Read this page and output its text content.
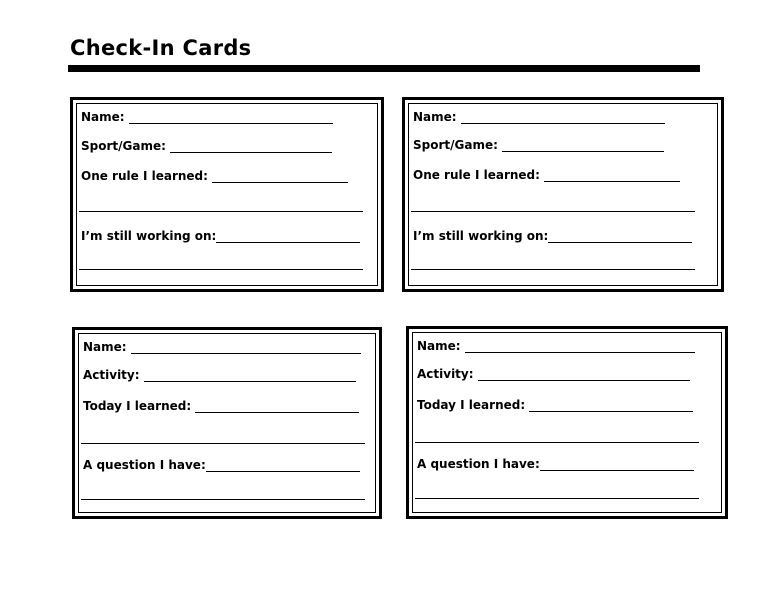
Check-In Cards
Name:
Sport/Game:
One rule I learned:
I’m still working on:
Name:
Sport/Game:
One rule I learned:
I’m still working on:
Name:
Activity:
Today I learned:
A question I have:
Name:
Activity:
Today I learned:
A question I have:
